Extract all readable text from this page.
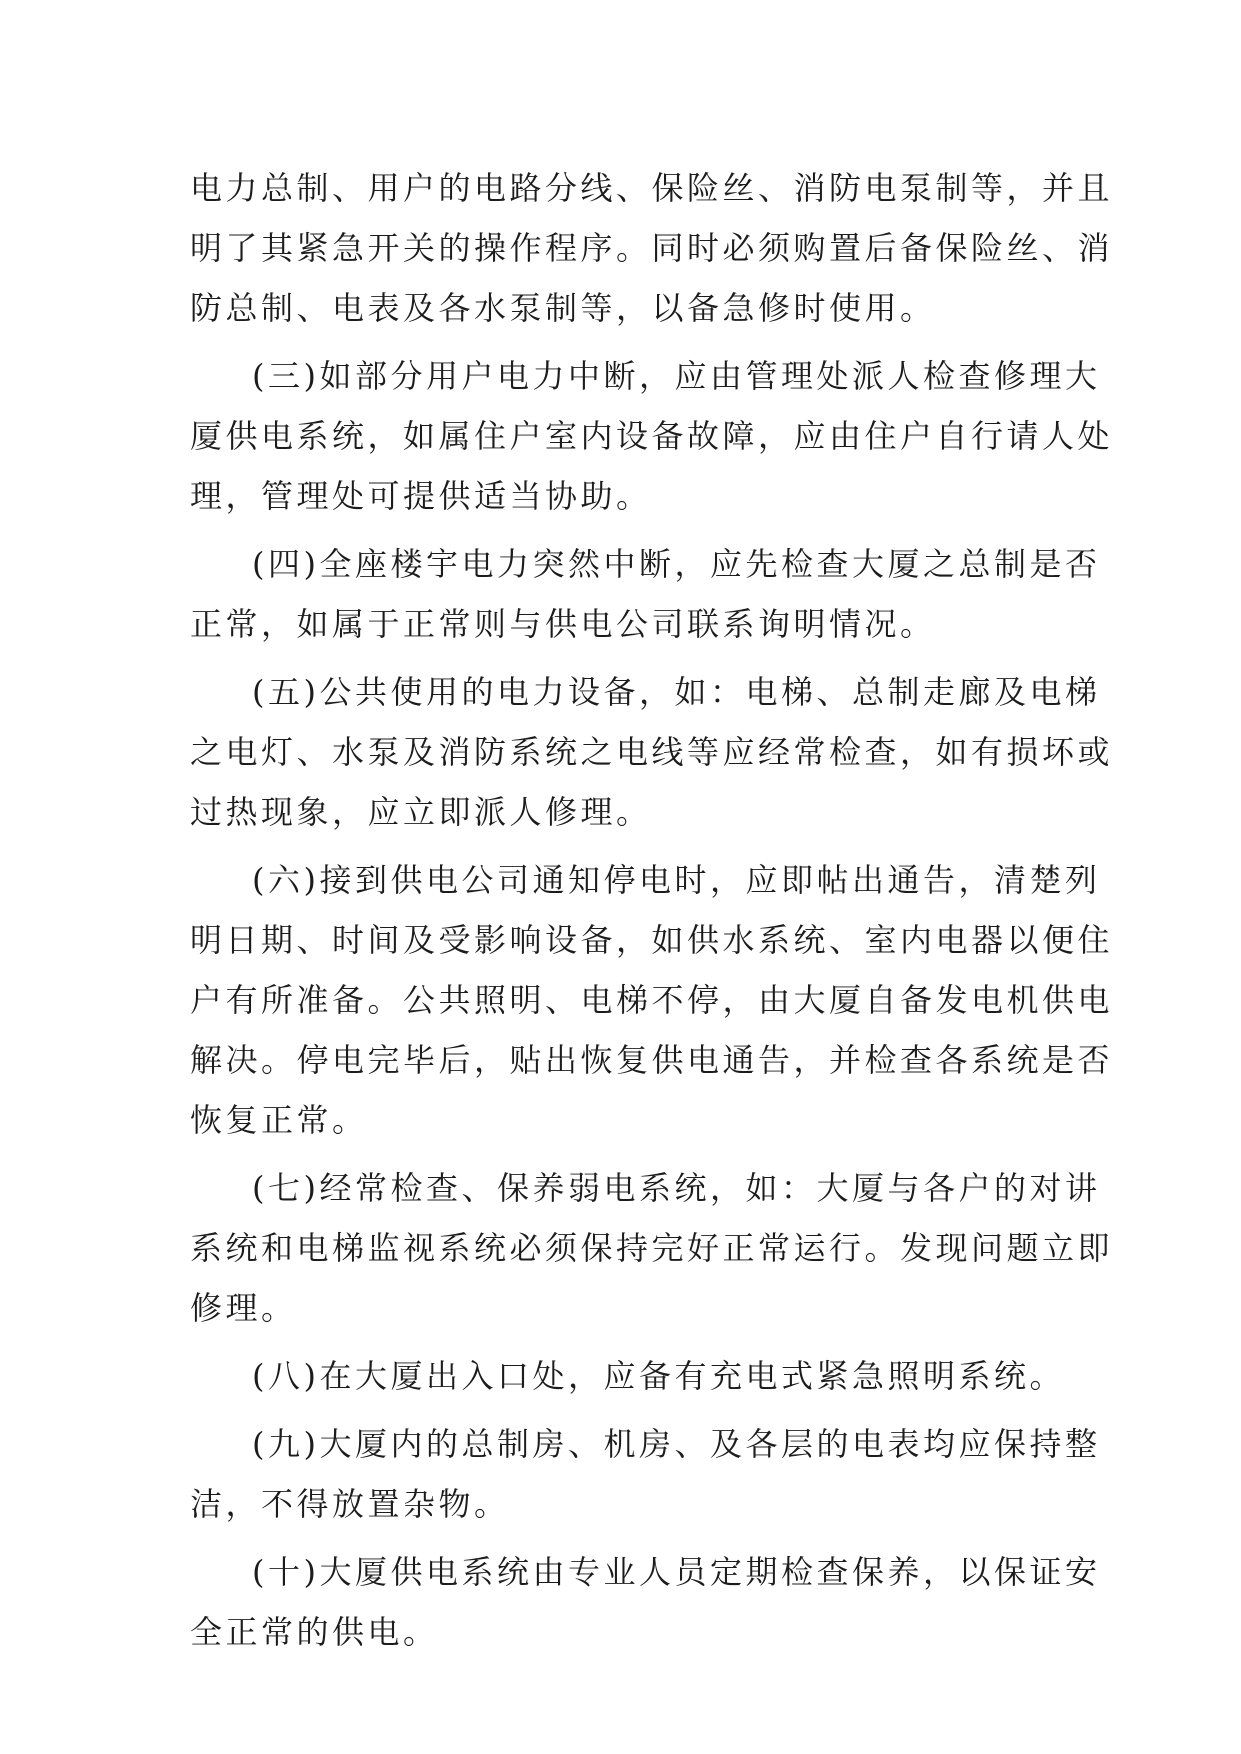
电力总制、用户的电路分线、保险丝、消防电泵制等，并且
明了其紧急开关的操作程序。同时必须购置后备保险丝、消
防总制、电表及各水泵制等，以备急修时使用。
(三)如部分用户电力中断，应由管理处派人检查修理大
厦供电系统，如属住户室内设备故障，应由住户自行请人处
理，管理处可提供适当协助。
(四)全座楼宇电力突然中断，应先检查大厦之总制是否
正常，如属于正常则与供电公司联系询明情况。
(五)公共使用的电力设备，如：电梯、总制走廊及电梯
之电灯、水泵及消防系统之电线等应经常检查，如有损坏或
过热现象，应立即派人修理。
(六)接到供电公司通知停电时，应即帖出通告，清楚列
明日期、时间及受影响设备，如供水系统、室内电器以便住
户有所准备。公共照明、电梯不停，由大厦自备发电机供电
解决。停电完毕后，贴出恢复供电通告，并检查各系统是否
恢复正常。
(七)经常检查、保养弱电系统，如：大厦与各户的对讲
系统和电梯监视系统必须保持完好正常运行。发现问题立即
修理。
(八)在大厦出入口处，应备有充电式紧急照明系统。
(九)大厦内的总制房、机房、及各层的电表均应保持整
洁，不得放置杂物。
(十)大厦供电系统由专业人员定期检查保养，以保证安
全正常的供电。
